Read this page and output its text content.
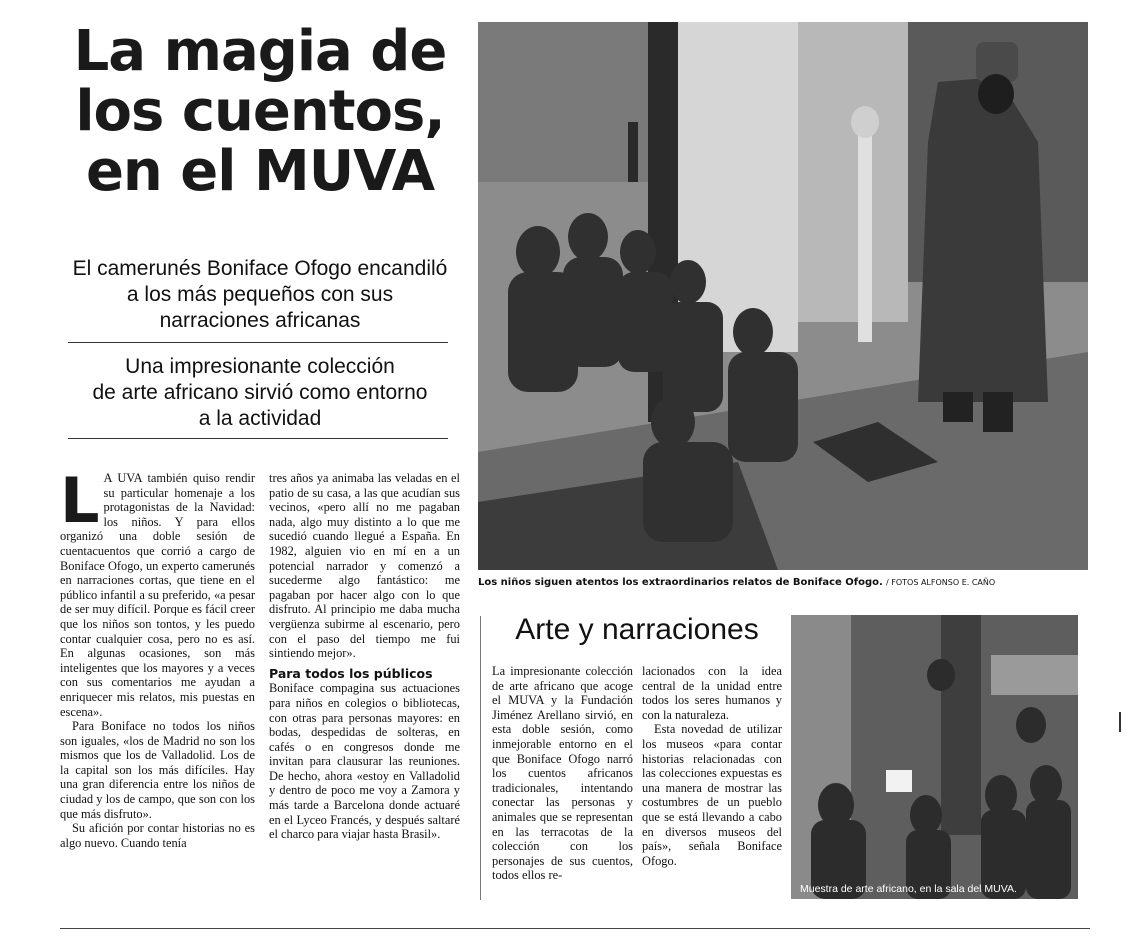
La magia de
los cuentos,
en el MUVA
El camerunés Boniface Ofogo encandiló
a los más pequeños con sus
narraciones africanas
Una impresionante colección
de arte africano sirvió como entorno
a la actividad

L A UVA también quiso rendir su particular homenaje a los protagonistas de la Navidad: los niños. Y para ellos organizó una doble sesión de cuentacuentos que corrió a cargo de Boniface Ofogo, un experto camerunés en narraciones cortas, que tiene en el público infantil a su preferido, «a pesar de ser muy difícil. Porque es fácil creer que los niños son tontos, y les puedo contar cualquier cosa, pero no es así. En algunas ocasiones, son más inteligentes que los mayores y a veces con sus comentarios me ayudan a enriquecer mis relatos, mis puestas en escena».

Para Boniface no todos los niños son iguales, «los de Madrid no son los mismos que los de Valladolid. Los de la capital son los más difíciles. Hay una gran diferencia entre los niños de ciudad y los de campo, que son con los que más disfruto».

Su afición por contar historias no es algo nuevo. Cuando tenía

tres años ya animaba las veladas en el patio de su casa, a las que acudían sus vecinos, «pero allí no me pagaban nada, algo muy distinto a lo que me sucedió cuando llegué a España. En 1982, alguien vio en mí en a un potencial narrador y comenzó a sucederme algo fantástico: me pagaban por hacer algo con lo que disfruto. Al principio me daba mucha vergüenza subirme al escenario, pero con el paso del tiempo me fui sintiendo mejor».

Para todos los públicos

Boniface compagina sus actuaciones para niños en colegios o bibliotecas, con otras para personas mayores: en bodas, despedidas de solteras, en cafés o en congresos donde me invitan para clausurar las reuniones. De hecho, ahora «estoy en Valladolid y dentro de poco me voy a Zamora y más tarde a Barcelona donde actuaré en el Lyceo Francés, y después saltaré el charco para viajar hasta Brasil».

Los niños siguen atentos los extraordinarios relatos de Boniface Ofogo. / FOTOS ALFONSO E. CAÑO
Arte y narraciones

La impresionante colección de arte africano que acoge el MUVA y la Fundación Jiménez Arellano sirvió, en esta doble sesión, como inmejorable entorno en el que Boniface Ofogo narró los cuentos africanos tradicionales, intentando conectar las personas y animales que se representan en las terracotas de la colección con los personajes de sus cuentos, todos ellos re-

lacionados con la idea central de la unidad entre todos los seres humanos y con la naturaleza.

Esta novedad de utilizar los museos «para contar historias relacionadas con las colecciones expuestas es una manera de mostrar las costumbres de un pueblo que se está llevando a cabo en diversos museos del país», señala Boniface Ofogo.

Muestra de arte africano, en la sala del MUVA.
